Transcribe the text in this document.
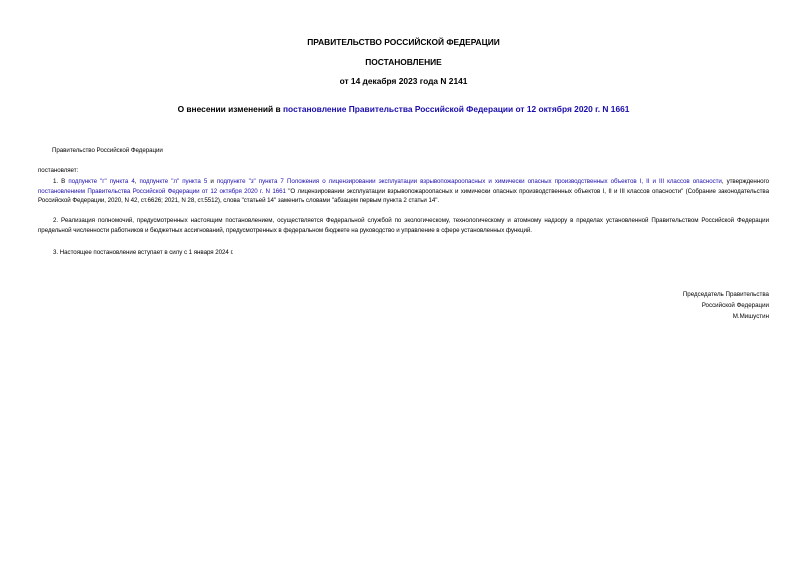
ПРАВИТЕЛЬСТВО РОССИЙСКОЙ ФЕДЕРАЦИИ
ПОСТАНОВЛЕНИЕ
от 14 декабря 2023 года N 2141
О внесении изменений в постановление Правительства Российской Федерации от 12 октября 2020 г. N 1661
Правительство Российской Федерации
постановляет:
1. В подпункте "г" пункта 4, подпункте "л" пункта 5 и подпункте "з" пункта 7 Положения о лицензировании эксплуатации взрывопожароопасных и химически опасных производственных объектов I, II и III классов опасности, утвержденного постановлением Правительства Российской Федерации от 12 октября 2020 г. N 1661 "О лицензировании эксплуатации взрывопожароопасных и химически опасных производственных объектов I, II и III классов опасности" (Собрание законодательства Российской Федерации, 2020, N 42, ст.6626; 2021, N 28, ст.5512), слова "статьей 14" заменить словами "абзацем первым пункта 2 статьи 14".
2. Реализация полномочий, предусмотренных настоящим постановлением, осуществляется Федеральной службой по экологическому, технологическому и атомному надзору в пределах установленной Правительством Российской Федерации предельной численности работников и бюджетных ассигнований, предусмотренных в федеральном бюджете на руководство и управление в сфере установленных функций.
3. Настоящее постановление вступает в силу с 1 января 2024 г.
Председатель Правительства
Российской Федерации
М.Мишустин
